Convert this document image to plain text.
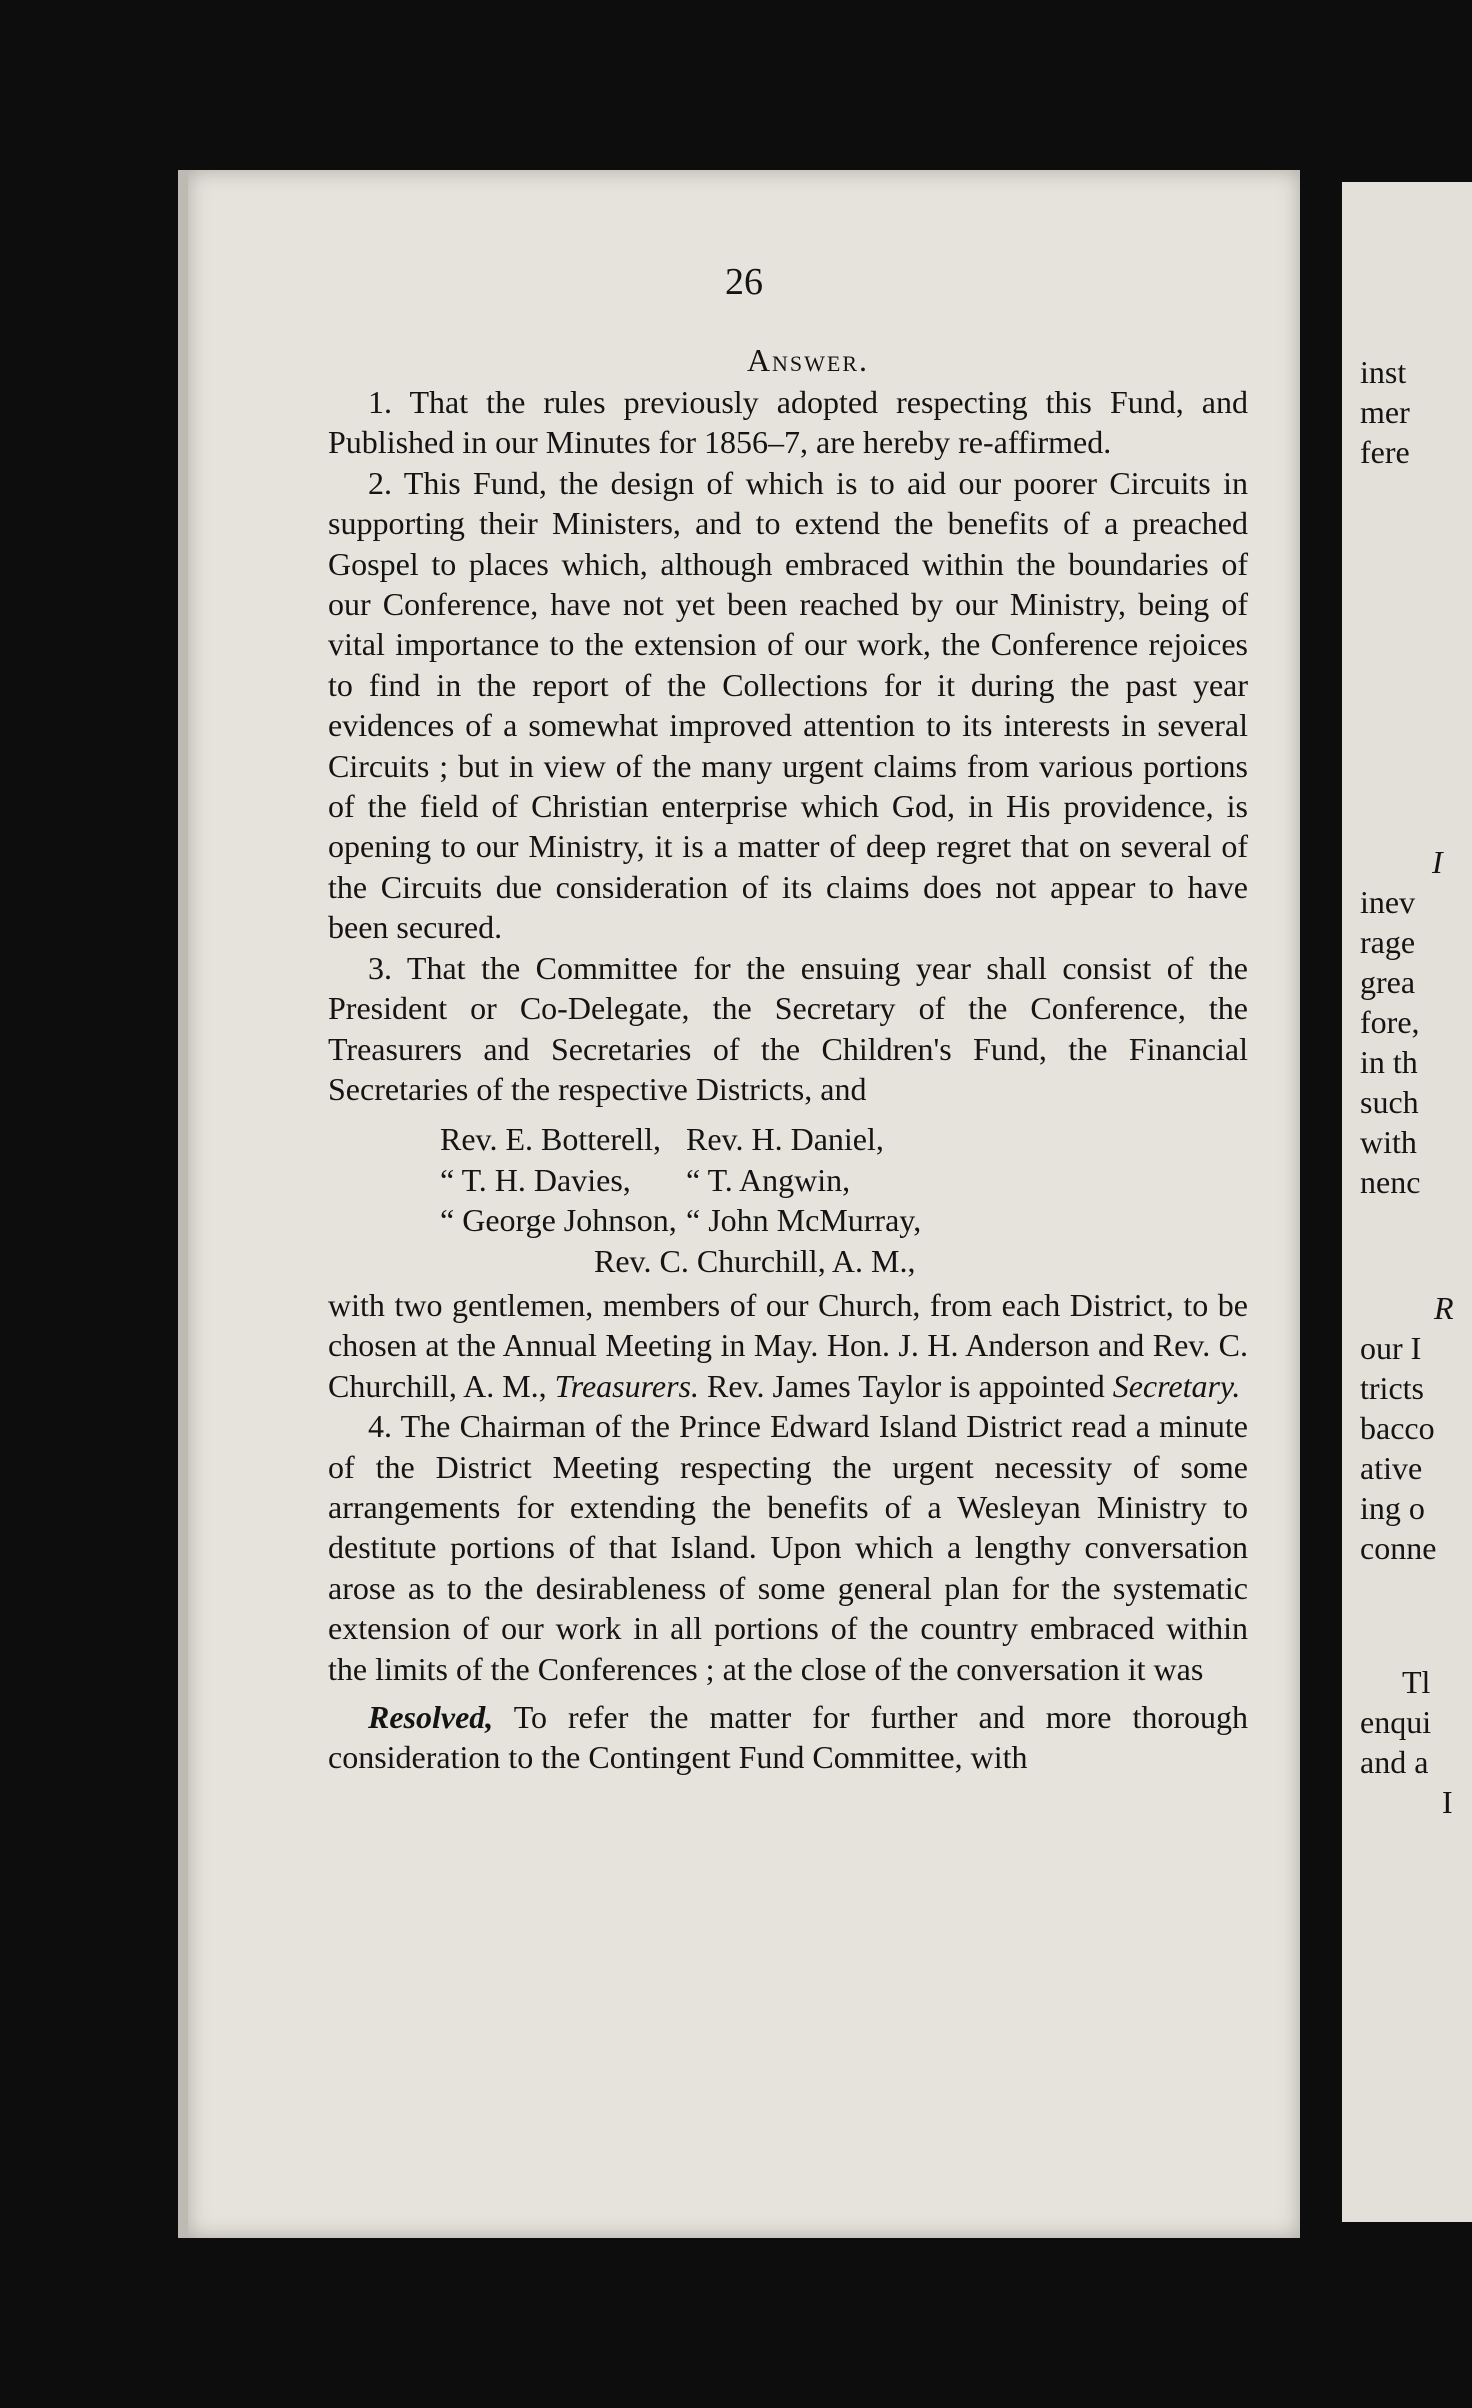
26
Answer.

1. That the rules previously adopted respecting this Fund, and Published in our Minutes for 1856–7, are hereby re-affirmed.

2. This Fund, the design of which is to aid our poorer Circuits in supporting their Ministers, and to extend the benefits of a preached Gospel to places which, although embraced within the boundaries of our Conference, have not yet been reached by our Ministry, being of vital importance to the extension of our work, the Conference rejoices to find in the report of the Collections for it during the past year evidences of a somewhat improved attention to its interests in several Circuits ; but in view of the many urgent claims from various portions of the field of Christian enterprise which God, in His providence, is opening to our Ministry, it is a matter of deep regret that on several of the Circuits due consideration of its claims does not appear to have been secured.

3. That the Committee for the ensuing year shall consist of the President or Co-Delegate, the Secretary of the Conference, the Treasurers and Secretaries of the Children's Fund, the Financial Secretaries of the respective Districts, and

Rev. E. Botterell, Rev. H. Daniel,
“ T. H. Davies,	“ T. Angwin,
“ George Johnson, “ John McMurray,
Rev. C. Churchill, A. M.,

with two gentlemen, members of our Church, from each District, to be chosen at the Annual Meeting in May. Hon. J. H. Anderson and Rev. C. Churchill, A. M., Treasurers. Rev. James Taylor is appointed Secretary.

4. The Chairman of the Prince Edward Island District read a minute of the District Meeting respecting the urgent necessity of some arrangements for extending the benefits of a Wesleyan Ministry to destitute portions of that Island. Upon which a lengthy conversation arose as to the desirableness of some general plan for the systematic extension of our work in all portions of the country embraced within the limits of the Conferences ; at the close of the conversation it was

Resolved, To refer the matter for further and more thorough consideration to the Contingent Fund Committee, with

inst
mer
fere
I
inev
rage
grea
fore,
in th
such
with
nenc
R
our I
tricts
bacco
ative
ing o
conne
Tl
enqui
and a
I
